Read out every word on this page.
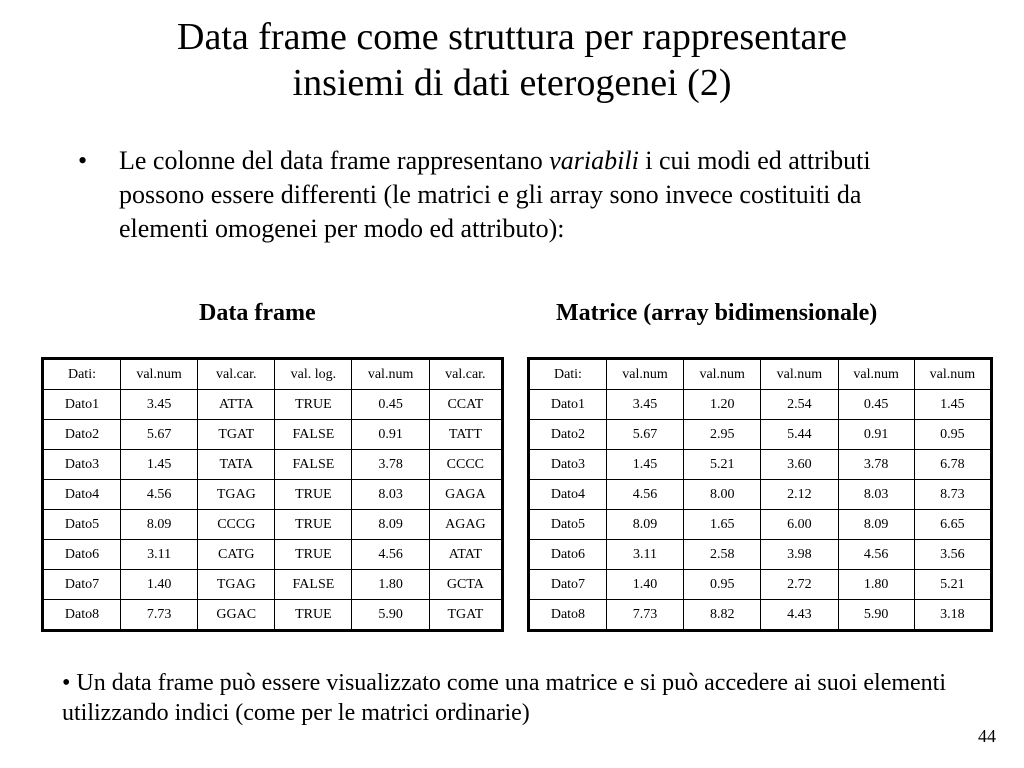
Data frame come struttura per rappresentare
insiemi di dati eterogenei (2)
• Le colonne del data frame rappresentano variabili i cui modi ed attributi possono essere differenti (le matrici e gli array sono invece costituiti da elementi omogenei per modo ed attributo):
Data frame	Matrice (array bidimensionale)
Dati:	val.num	val.car.	val. log.	val.num	val.car.
Dato1	3.45	ATTA	TRUE	0.45	CCAT
Dato2	5.67	TGAT	FALSE	0.91	TATT
Dato3	1.45	TATA	FALSE	3.78	CCCC
Dato4	4.56	TGAG	TRUE	8.03	GAGA
Dato5	8.09	CCCG	TRUE	8.09	AGAG
Dato6	3.11	CATG	TRUE	4.56	ATAT
Dato7	1.40	TGAG	FALSE	1.80	GCTA
Dato8	7.73	GGAC	TRUE	5.90	TGAT
Dati:	val.num	val.num	val.num	val.num	val.num
Dato1	3.45	1.20	2.54	0.45	1.45
Dato2	5.67	2.95	5.44	0.91	0.95
Dato3	1.45	5.21	3.60	3.78	6.78
Dato4	4.56	8.00	2.12	8.03	8.73
Dato5	8.09	1.65	6.00	8.09	6.65
Dato6	3.11	2.58	3.98	4.56	3.56
Dato7	1.40	0.95	2.72	1.80	5.21
Dato8	7.73	8.82	4.43	5.90	3.18
• Un data frame può essere visualizzato come una matrice e si può accedere ai suoi elementi utilizzando indici (come per le matrici ordinarie)
44
